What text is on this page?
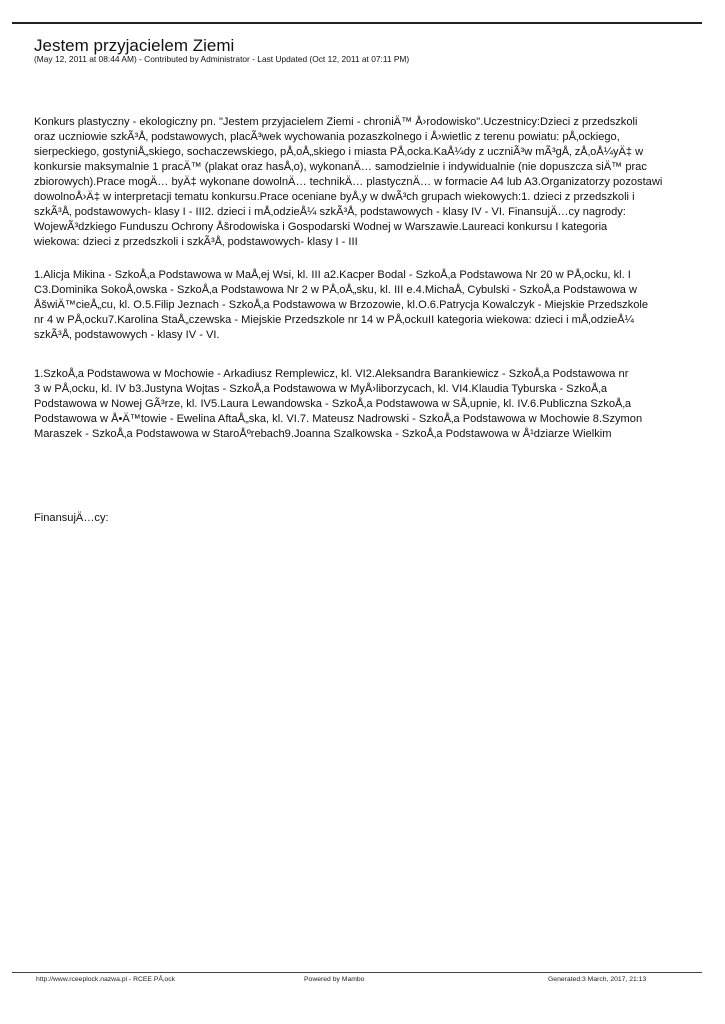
Jestem przyjacielem Ziemi
(May 12, 2011 at 08:44 AM) - Contributed by Administrator - Last Updated (Oct 12, 2011 at 07:11 PM)
Konkurs plastyczny - ekologiczny pn. "Jestem przyjacielem Ziemi - chroniÄ™ Å›rodowisko".Uczestnicy:Dzieci z przedszkoli
oraz uczniowie szkÃ³Å‚ podstawowych, placÃ³wek wychowania pozaszkolnego i Å›wietlic z terenu powiatu: pÅ‚ockiego,
sierpeckiego, gostyniÅ„skiego, sochaczewskiego, pÅ‚oÅ„skiego i miasta PÅ‚ocka.KaÅ¼dy z uczniÃ³w mÃ³gÅ‚ zÅ‚oÅ¼yÄ‡ w
konkursie maksymalnie 1 pracÄ™ (plakat oraz hasÅ‚o), wykonanÄ… samodzielnie i indywidualnie (nie dopuszcza siÄ™ prac
zbiorowych).Prace mogÄ… byÄ‡ wykonane dowolnÄ… technikÄ… plastycznÄ… w formacie A4 lub A3.Organizatorzy pozostawi
dowolnoÅ›Ä‡ w interpretacji tematu konkursu.Prace oceniane byÅ‚y w dwÃ³ch grupach wiekowych:1. dzieci z przedszkoli i
szkÃ³Å‚ podstawowych- klasy I - III2. dzieci i mÅ‚odzieÅ¼ szkÃ³Å‚ podstawowych - klasy IV - VI. FinansujÄ…cy nagrody:
WojewÃ³dzkiego Funduszu Ochrony Åšrodowiska i Gospodarski Wodnej w Warszawie.Laureaci konkursu I kategoria
wiekowa: dzieci z przedszkoli i szkÃ³Å‚ podstawowych- klasy I - III
1.Alicja Mikina - SzkoÅ‚a Podstawowa w MaÅ‚ej Wsi, kl. III a2.Kacper Bodal - SzkoÅ‚a Podstawowa Nr 20 w PÅ‚ocku, kl. I
C3.Dominika SokoÅ‚owska - SzkoÅ‚a Podstawowa Nr 2 w PÅ‚oÅ„sku, kl. III e.4.MichaÅ‚ Cybulski - SzkoÅ‚a Podstawowa w
ÅšwiÄ™cieÅ„cu, kl. O.5.Filip Jeznach - SzkoÅ‚a Podstawowa w Brzozowie, kl.O.6.Patrycja Kowalczyk - Miejskie Przedszkole
nr 4 w PÅ‚ocku7.Karolina StaÅ„czewska - Miejskie Przedszkole nr 14 w PÅ‚ockuII kategoria wiekowa: dzieci i mÅ‚odzieÅ¼
szkÃ³Å‚ podstawowych - klasy IV - VI.
1.SzkoÅ‚a Podstawowa w Mochowie - Arkadiusz Remplewicz, kl. VI2.Aleksandra Barankiewicz - SzkoÅ‚a Podstawowa nr
3 w PÅ‚ocku, kl. IV b3.Justyna Wojtas - SzkoÅ‚a Podstawowa w MyÅ›liborzycach, kl. VI4.Klaudia Tyburska - SzkoÅ‚a
Podstawowa w Nowej GÃ³rze, kl. IV5.Laura Lewandowska - SzkoÅ‚a Podstawowa w SÅ‚upnie, kl. IV.6.Publiczna SzkoÅ‚a
Podstawowa w Å•Ä™towie - Ewelina AftaÅ„ska, kl. VI.7. Mateusz Nadrowski - SzkoÅ‚a Podstawowa w Mochowie 8.Szymon
Maraszek - SzkoÅ‚a Podstawowa w StaroÅºrebach9.Joanna Szalkowska - SzkoÅ‚a Podstawowa w Å¹dziarze Wielkim
FinansujÄ…cy:
http://www.rceeplock.nazwa.pl - RCEE PÅ‚ock	Powered by Mambo	Generated:3 March, 2017, 21:13
